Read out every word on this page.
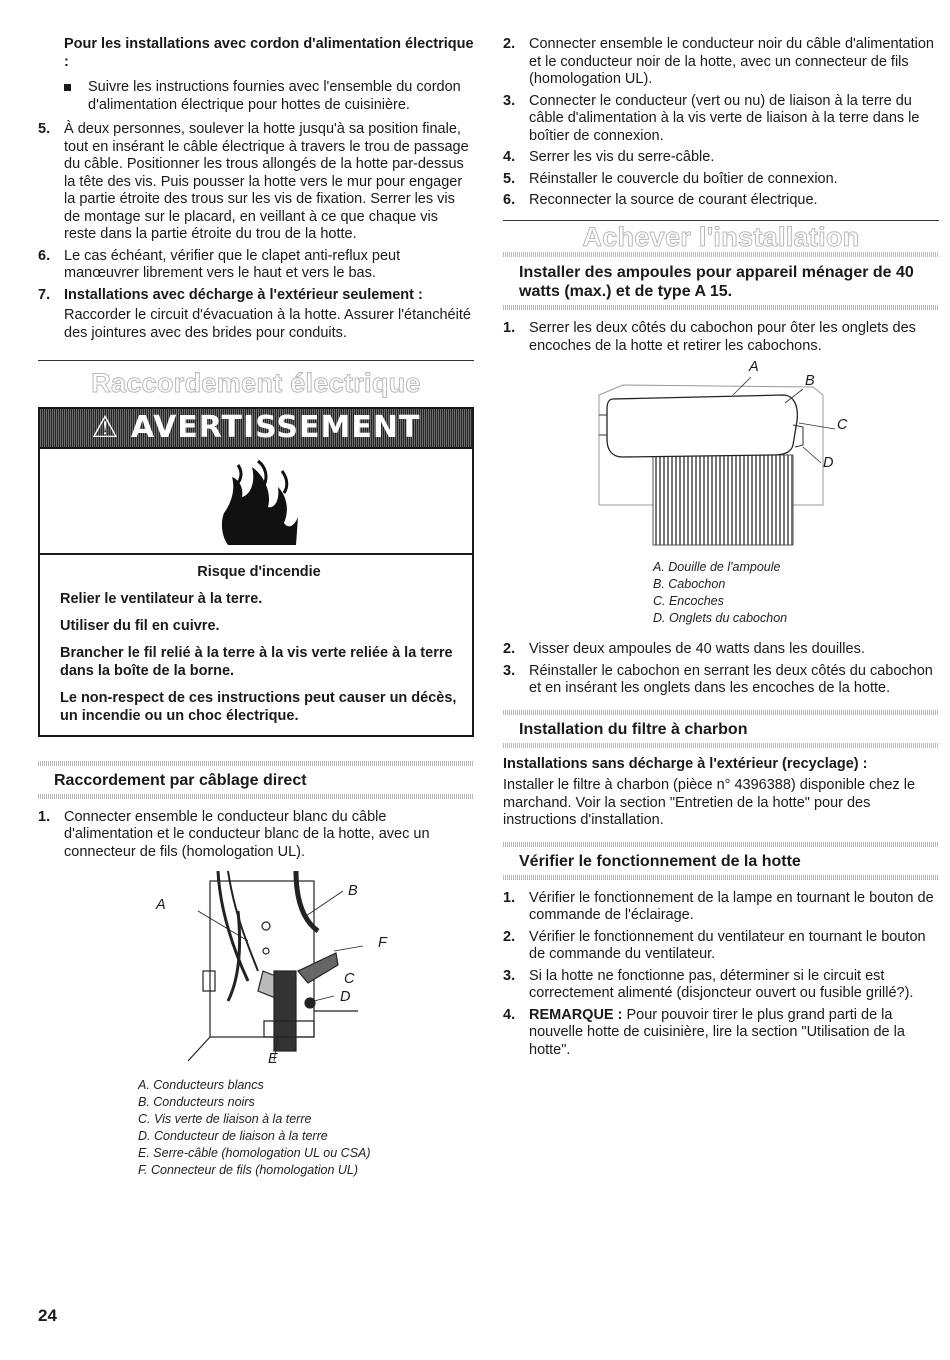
Pour les installations avec cordon d'alimentation électrique :

Suivre les instructions fournies avec l'ensemble du cordon d'alimentation électrique pour hottes de cuisinière.
5. À deux personnes, soulever la hotte jusqu'à sa position finale, tout en insérant le câble électrique à travers le trou de passage du câble. Positionner les trous allongés de la hotte par-dessus la tête des vis. Puis pousser la hotte vers le mur pour engager la partie étroite des trous sur les vis de fixation. Serrer les vis de montage sur le placard, en veillant à ce que chaque vis reste dans la partie étroite du trou de la hotte.
6. Le cas échéant, vérifier que le clapet anti-reflux peut manœuvrer librement vers le haut et vers le bas.
7. Installations avec décharge à l'extérieur seulement :

Raccorder le circuit d'évacuation à la hotte. Assurer l'étanchéité des jointures avec des brides pour conduits.

Raccordement électrique
⚠ AVERTISSEMENT

Risque d'incendie

Relier le ventilateur à la terre.

Utiliser du fil en cuivre.

Brancher le fil relié à la terre à la vis verte reliée à la terre dans la boîte de la borne.

Le non-respect de ces instructions peut causer un décès, un incendie ou un choc électrique.

Raccordement par câblage direct
1. Connecter ensemble le conducteur blanc du câble d'alimentation et le conducteur blanc de la hotte, avec un connecteur de fils (homologation UL).
A
B
F
C
D
E

A. Conducteurs blancs

B. Conducteurs noirs

C. Vis verte de liaison à la terre

D. Conducteur de liaison à la terre

E. Serre-câble (homologation UL ou CSA)

F. Connecteur de fils (homologation UL)

2. Connecter ensemble le conducteur noir du câble d'alimentation et le conducteur noir de la hotte, avec un connecteur de fils (homologation UL).
3. Connecter le conducteur (vert ou nu) de liaison à la terre du câble d'alimentation à la vis verte de liaison à la terre dans le boîtier de connexion.
4. Serrer les vis du serre-câble.
5. Réinstaller le couvercle du boîtier de connexion.
6. Reconnecter la source de courant électrique.
Achever l'installation
Installer des ampoules pour appareil ménager de 40 watts (max.) et de type A 15.
1. Serrer les deux côtés du cabochon pour ôter les onglets des encoches de la hotte et retirer les cabochons.
A
B
C
D

A. Douille de l'ampoule

B. Cabochon

C. Encoches

D. Onglets du cabochon

2. Visser deux ampoules de 40 watts dans les douilles.
3. Réinstaller le cabochon en serrant les deux côtés du cabochon et en insérant les onglets dans les encoches de la hotte.
Installation du filtre à charbon

Installations sans décharge à l'extérieur (recyclage) :

Installer le filtre à charbon (pièce n° 4396388) disponible chez le marchand. Voir la section "Entretien de la hotte" pour des instructions d'installation.

Vérifier le fonctionnement de la hotte
1. Vérifier le fonctionnement de la lampe en tournant le bouton de commande de l'éclairage.
2. Vérifier le fonctionnement du ventilateur en tournant le bouton de commande du ventilateur.
3. Si la hotte ne fonctionne pas, déterminer si le circuit est correctement alimenté (disjoncteur ouvert ou fusible grillé?).
4. REMARQUE : Pour pouvoir tirer le plus grand parti de la nouvelle hotte de cuisinière, lire la section "Utilisation de la hotte".
24
